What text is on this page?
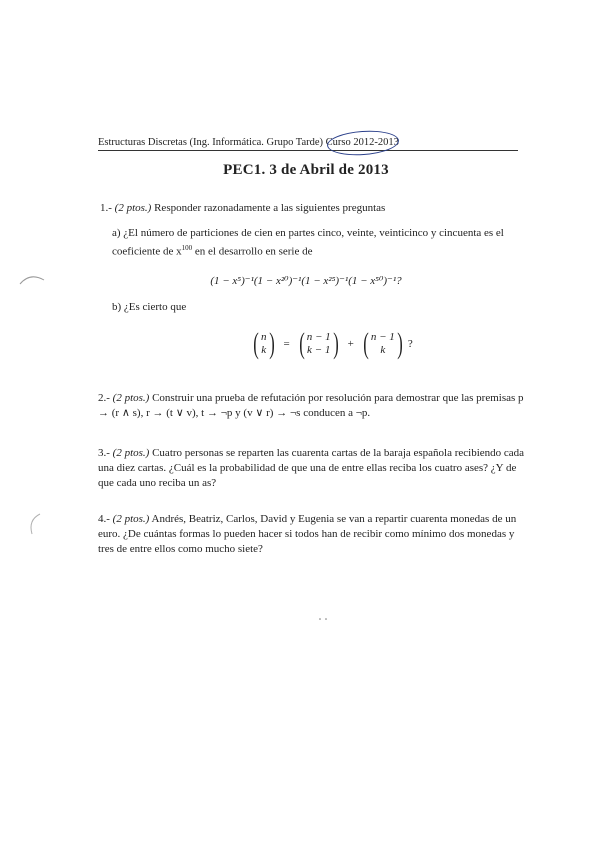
Estructuras Discretas (Ing. Informática. Grupo Tarde) Curso 2012-2013
PEC1. 3 de Abril de 2013
1.- (2 ptos.) Responder razonadamente a las siguientes preguntas
a) ¿El número de particiones de cien en partes cinco, veinte, veinticinco y cincuenta es el coeficiente de $x^{100}$ en el desarrollo en serie de
(1 − x⁵)⁻¹(1 − x²⁰)⁻¹(1 − x²⁵)⁻¹(1 − x⁵⁰)⁻¹?
b) ¿Es cierto que
( n
k ) = ( n − 1
k − 1 ) + ( n − 1
k ) ?
2.- (2 ptos.) Construir una prueba de refutación por resolución para demostrar que las premisas p → (r ∧ s), r → (t ∨ v), t → ¬p y (v ∨ r) → ¬s conducen a ¬p.
3.- (2 ptos.) Cuatro personas se reparten las cuarenta cartas de la baraja española recibiendo cada una diez cartas. ¿Cuál es la probabilidad de que una de entre ellas reciba los cuatro ases? ¿Y de que cada uno reciba un as?
4.- (2 ptos.) Andrés, Beatriz, Carlos, David y Eugenia se van a repartir cuarenta monedas de un euro. ¿De cuántas formas lo pueden hacer si todos han de recibir como mínimo dos monedas y tres de entre ellos como mucho siete?
